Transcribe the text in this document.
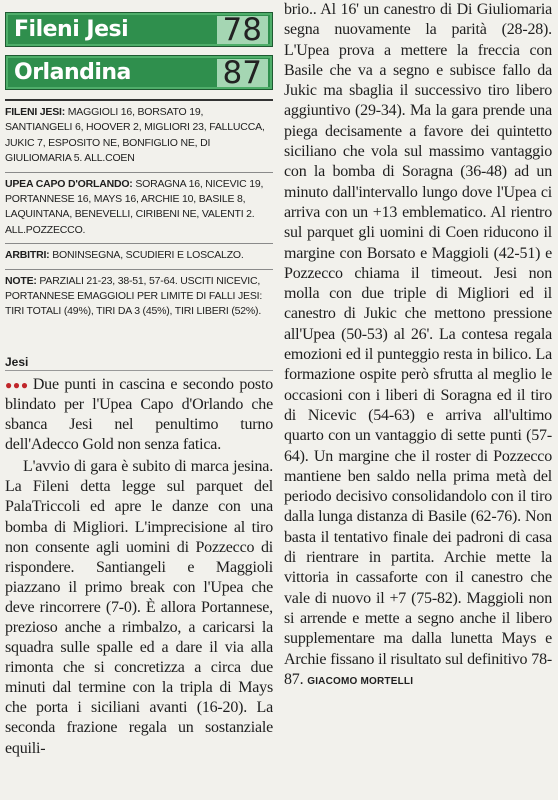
Fileni Jesi	78
Orlandina	87
FILENI JESI: MAGGIOLI 16, BORSATO 19, SANTIANGELI 6, HOOVER 2, MIGLIORI 23, FALLUCCA, JUKIC 7, ESPOSITO NE, BONFIGLIO NE, DI GIULIOMARIA 5. ALL.COEN
UPEA CAPO D'ORLANDO: SORAGNA 16, NICEVIC 19, PORTANNESE 16, MAYS 16, ARCHIE 10, BASILE 8, LAQUINTANA, BENEVELLI, CIRIBENI NE, VALENTI 2. ALL.POZZECCO.
ARBITRI: BONINSEGNA, SCUDIERI E LOSCALZO.
NOTE: PARZIALI 21-23, 38-51, 57-64. USCITI NICEVIC, PORTANNESE EMAGGIOLI PER LIMITE DI FALLI JESI: TIRI TOTALI (49%), TIRI DA 3 (45%), TIRI LIBERI (52%).
Jesi

●●● Due punti in cascina e secondo posto blindato per l'Upea Capo d'Orlando che sbanca Jesi nel penultimo turno dell'Adecco Gold non senza fatica.

L'avvio di gara è subito di marca jesina. La Fileni detta legge sul parquet del PalaTriccoli ed apre le danze con una bomba di Migliori. L'imprecisione al tiro non consente agli uomini di Pozzecco di rispondere. Santiangeli e Maggioli piazzano il primo break con l'Upea che deve rincorrere (7-0). È allora Portannese, prezioso anche a rimbalzo, a caricarsi la squadra sulle spalle ed a dare il via alla rimonta che si concretizza a circa due minuti dal termine con la tripla di Mays che porta i siciliani avanti (16-20). La seconda frazione regala un sostanziale equili-

brio.. Al 16' un canestro di Di Giuliomaria segna nuovamente la parità (28-28). L'Upea prova a mettere la freccia con Basile che va a segno e subisce fallo da Jukic ma sbaglia il successivo tiro libero aggiuntivo (29-34). Ma la gara prende una piega decisamente a favore dei quintetto siciliano che vola sul massimo vantaggio con la bomba di Soragna (36-48) ad un minuto dall'intervallo lungo dove l'Upea ci arriva con un +13 emblematico. Al rientro sul parquet gli uomini di Coen riducono il margine con Borsato e Maggioli (42-51) e Pozzecco chiama il timeout. Jesi non molla con due triple di Migliori ed il canestro di Jukic che mettono pressione all'Upea (50-53) al 26'. La contesa regala emozioni ed il punteggio resta in bilico. La formazione ospite però sfrutta al meglio le occasioni con i liberi di Soragna ed il tiro di Nicevic (54-63) e arriva all'ultimo quarto con un vantaggio di sette punti (57-64). Un margine che il roster di Pozzecco mantiene ben saldo nella prima metà del periodo decisivo consolidandolo con il tiro dalla lunga distanza di Basile (62-76). Non basta il tentativo finale dei padroni di casa di rientrare in partita. Archie mette la vittoria in cassaforte con il canestro che vale di nuovo il +7 (75-82). Maggioli non si arrende e mette a segno anche il libero supplementare ma dalla lunetta Mays e Archie fissano il risultato sul definitivo 78-87. GIACOMO MORTELLI
